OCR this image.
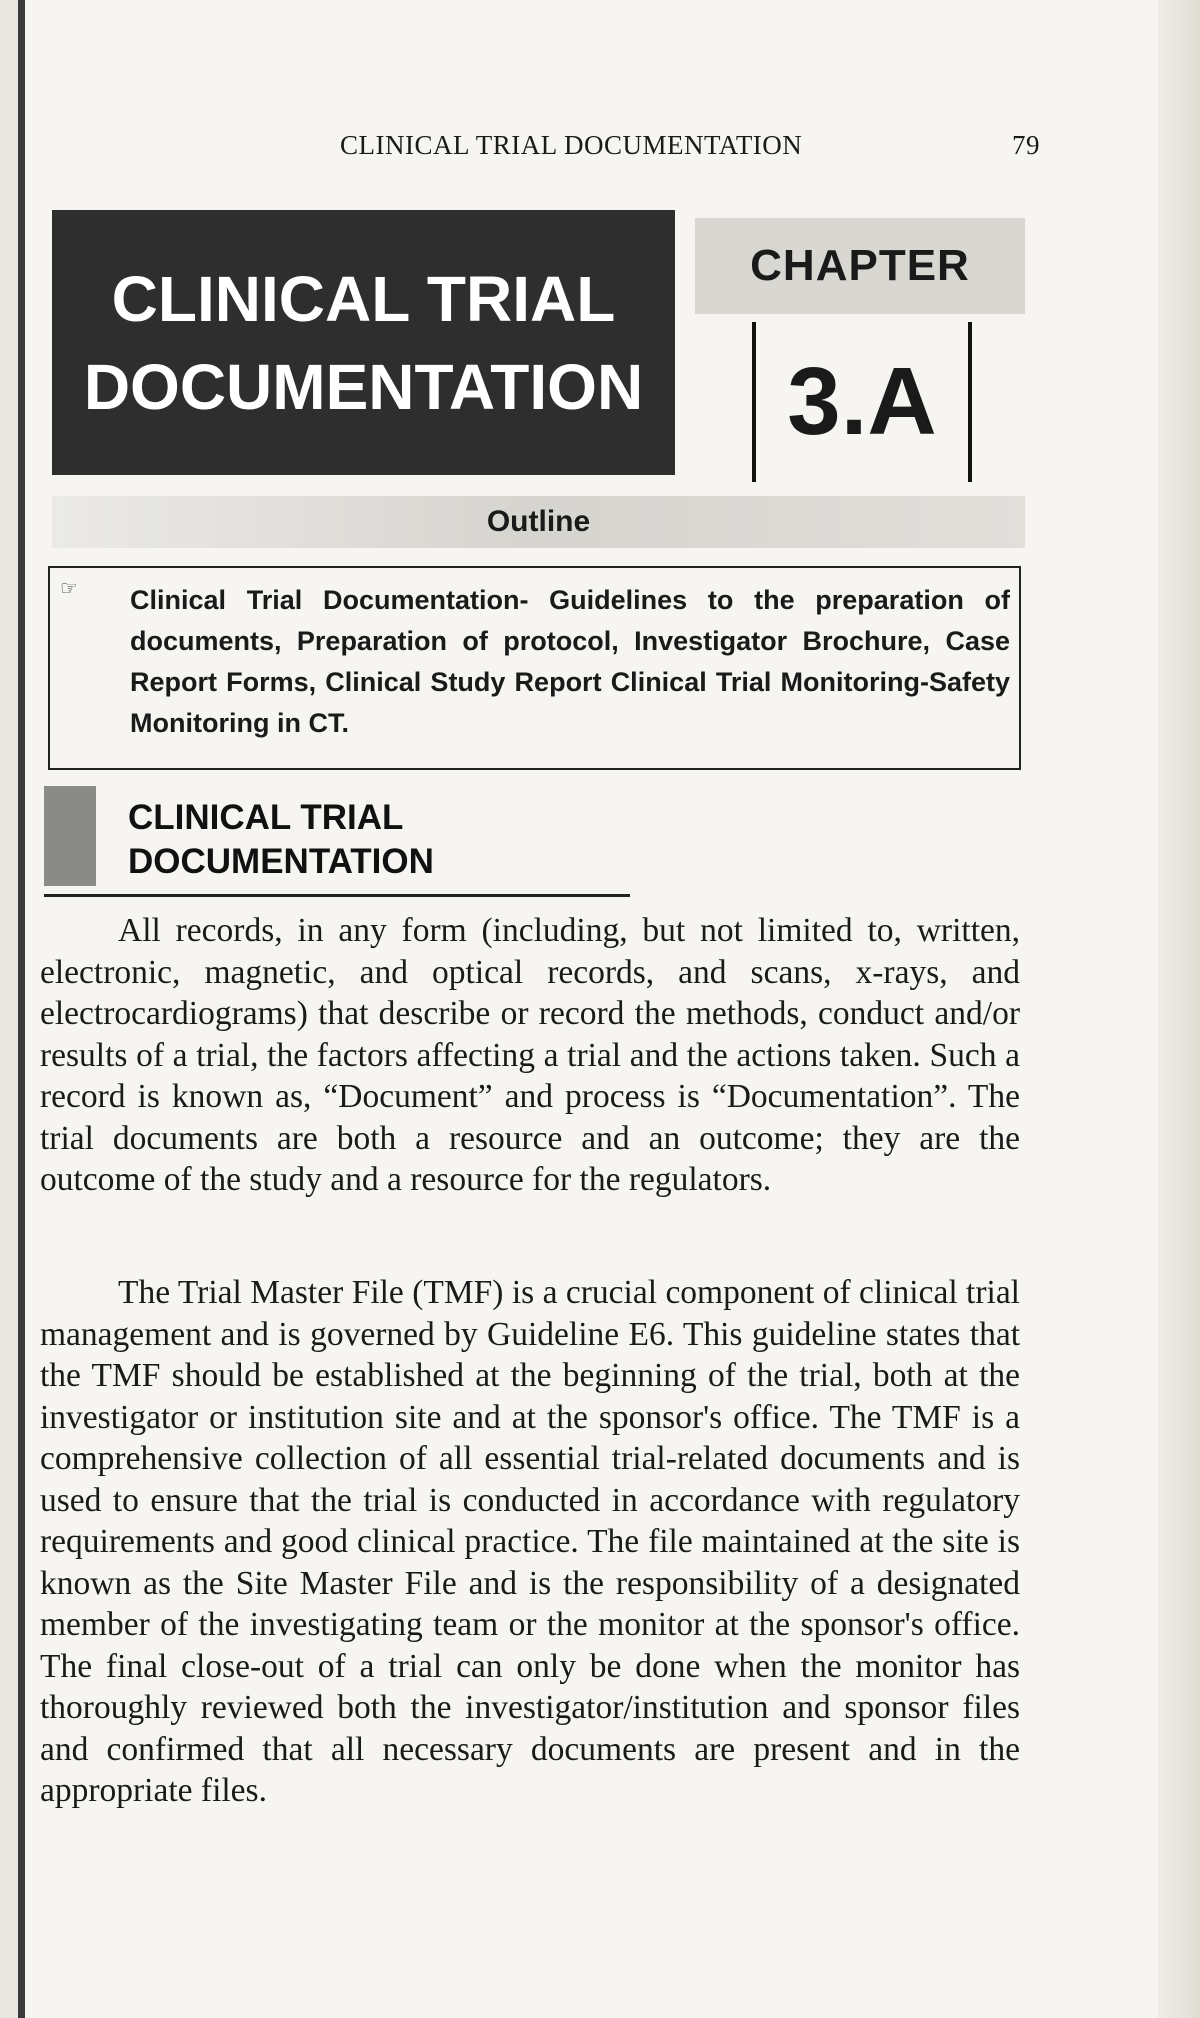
CLINICAL TRIAL DOCUMENTATION	79
CLINICAL TRIAL
DOCUMENTATION
CHAPTER
3.A
Outline
☞ Clinical Trial Documentation- Guidelines to the preparation of documents, Preparation of protocol, Investigator Brochure, Case Report Forms, Clinical Study Report Clinical Trial Monitoring-Safety Monitoring in CT.
CLINICAL TRIAL
DOCUMENTATION

All records, in any form (including, but not limited to, written, electronic, magnetic, and optical records, and scans, x-rays, and electrocardiograms) that describe or record the methods, conduct and/or results of a trial, the factors affecting a trial and the actions taken. Such a record is known as, “Document” and process is “Documentation”. The trial documents are both a resource and an outcome; they are the outcome of the study and a resource for the regulators.

The Trial Master File (TMF) is a crucial component of clinical trial management and is governed by Guideline E6. This guideline states that the TMF should be established at the beginning of the trial, both at the investigator or institution site and at the sponsor's office. The TMF is a comprehensive collection of all essential trial-related documents and is used to ensure that the trial is conducted in accordance with regulatory requirements and good clinical practice. The file maintained at the site is known as the Site Master File and is the responsibility of a designated member of the investigating team or the monitor at the sponsor's office. The final close-out of a trial can only be done when the monitor has thoroughly reviewed both the investigator/institution and sponsor files and confirmed that all necessary documents are present and in the appropriate files.
